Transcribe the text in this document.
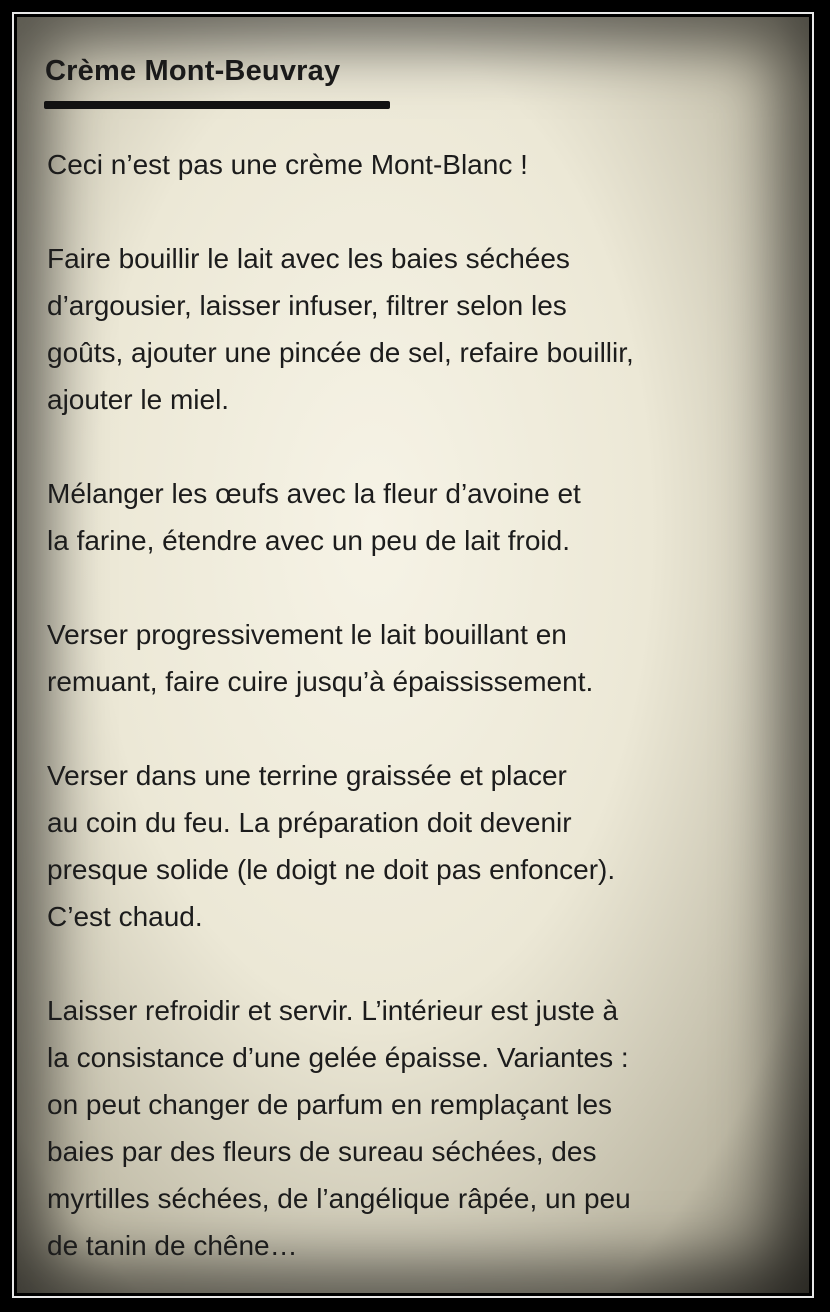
Crème Mont-Beuvray

Ceci n’est pas une crème Mont-Blanc !

Faire bouillir le lait avec les baies séchées
d’argousier, laisser infuser, filtrer selon les
goûts, ajouter une pincée de sel, refaire bouillir,
ajouter le miel.

Mélanger les œufs avec la fleur d’avoine et
la farine, étendre avec un peu de lait froid.

Verser progressivement le lait bouillant en
remuant, faire cuire jusqu’à épaississement.

Verser dans une terrine graissée et placer
au coin du feu. La préparation doit devenir
presque solide (le doigt ne doit pas enfoncer).
C’est chaud.

Laisser refroidir et servir. L’intérieur est juste à
la consistance d’une gelée épaisse. Variantes :
on peut changer de parfum en remplaçant les
baies par des fleurs de sureau séchées, des
myrtilles séchées, de l’angélique râpée, un peu
de tanin de chêne…
